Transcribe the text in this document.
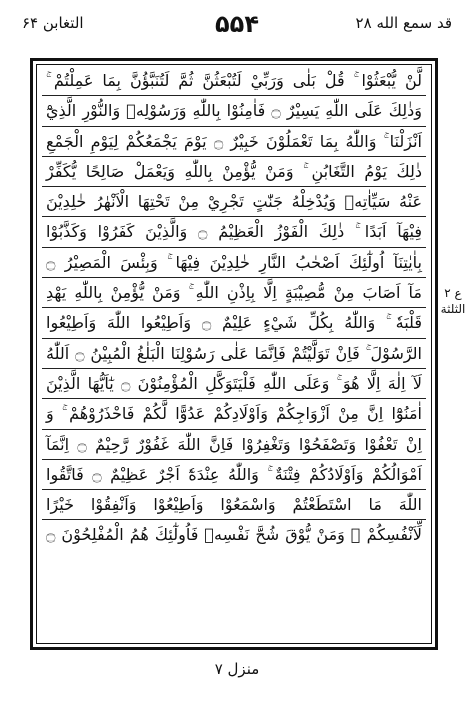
قد سمع الله ۲۸
۵۵۴
التغابن ۶۴
لَّنْ يُّبْعَثُوْا ۚ قُلْ بَلٰى وَرَبِّيْ لَتُبْعَثُنَّ ثُمَّ لَتُنَبَّؤُنَّ بِمَا عَمِلْتُمْ ۚ
وَذٰلِكَ عَلَى اللّٰهِ يَسِيْرٌ ۝ فَاٰمِنُوْا بِاللّٰهِ وَرَسُوْلِهٖ وَالنُّوْرِ الَّذِيْٓ
اَنْزَلْنَا ۚ وَاللّٰهُ بِمَا تَعْمَلُوْنَ خَبِيْرٌ ۝ يَوْمَ يَجْمَعُكُمْ لِيَوْمِ الْجَمْعِ
ذٰلِكَ يَوْمُ التَّغَابُنِ ۚ وَمَنْ يُّؤْمِنْ بِاللّٰهِ وَيَعْمَلْ صَالِحًا يُّكَفِّرْ
عَنْهُ سَيِّاٰتِهٖ وَيُدْخِلْهُ جَنّٰتٍ تَجْرِيْ مِنْ تَحْتِهَا الْاَنْهٰرُ خٰلِدِيْنَ
فِيْهَآ اَبَدًا ۚ ذٰلِكَ الْفَوْزُ الْعَظِيْمُ ۝ وَالَّذِيْنَ كَفَرُوْا وَكَذَّبُوْا
بِاٰيٰتِنَآ اُولٰٓئِكَ اَصْحٰبُ النَّارِ خٰلِدِيْنَ فِيْهَا ۚ وَبِئْسَ الْمَصِيْرُ ۝
مَآ اَصَابَ مِنْ مُّصِيْبَةٍ اِلَّا بِاِذْنِ اللّٰهِ ۚ وَمَنْ يُّؤْمِنْ بِاللّٰهِ يَهْدِ
قَلْبَهٗ ۚ وَاللّٰهُ بِكُلِّ شَيْءٍ عَلِيْمٌ ۝ وَاَطِيْعُوا اللّٰهَ وَاَطِيْعُوا
الرَّسُوْلَ ۚ فَاِنْ تَوَلَّيْتُمْ فَاِنَّمَا عَلٰى رَسُوْلِنَا الْبَلٰغُ الْمُبِيْنُ ۝ اَللّٰهُ
لَآ اِلٰهَ اِلَّا هُوَ ۚ وَعَلَى اللّٰهِ فَلْيَتَوَكَّلِ الْمُؤْمِنُوْنَ ۝ يٰٓاَيُّهَا الَّذِيْنَ
اٰمَنُوْٓا اِنَّ مِنْ اَزْوَاجِكُمْ وَاَوْلَادِكُمْ عَدُوًّا لَّكُمْ فَاحْذَرُوْهُمْ ۚ وَ
اِنْ تَعْفُوْا وَتَصْفَحُوْا وَتَغْفِرُوْا فَاِنَّ اللّٰهَ غَفُوْرٌ رَّحِيْمٌ ۝ اِنَّمَآ
اَمْوَالُكُمْ وَاَوْلَادُكُمْ فِتْنَةٌ ۚ وَاللّٰهُ عِنْدَهٗٓ اَجْرٌ عَظِيْمٌ ۝ فَاتَّقُوا
اللّٰهَ مَا اسْتَطَعْتُمْ وَاسْمَعُوْا وَاَطِيْعُوْا وَاَنْفِقُوْا خَيْرًا
لِّاَنْفُسِكُمْ ۚ وَمَنْ يُّوْقَ شُحَّ نَفْسِهٖ فَاُولٰٓئِكَ هُمُ الْمُفْلِحُوْنَ ۝
ع ۲ الثلثة
منزل ۷
